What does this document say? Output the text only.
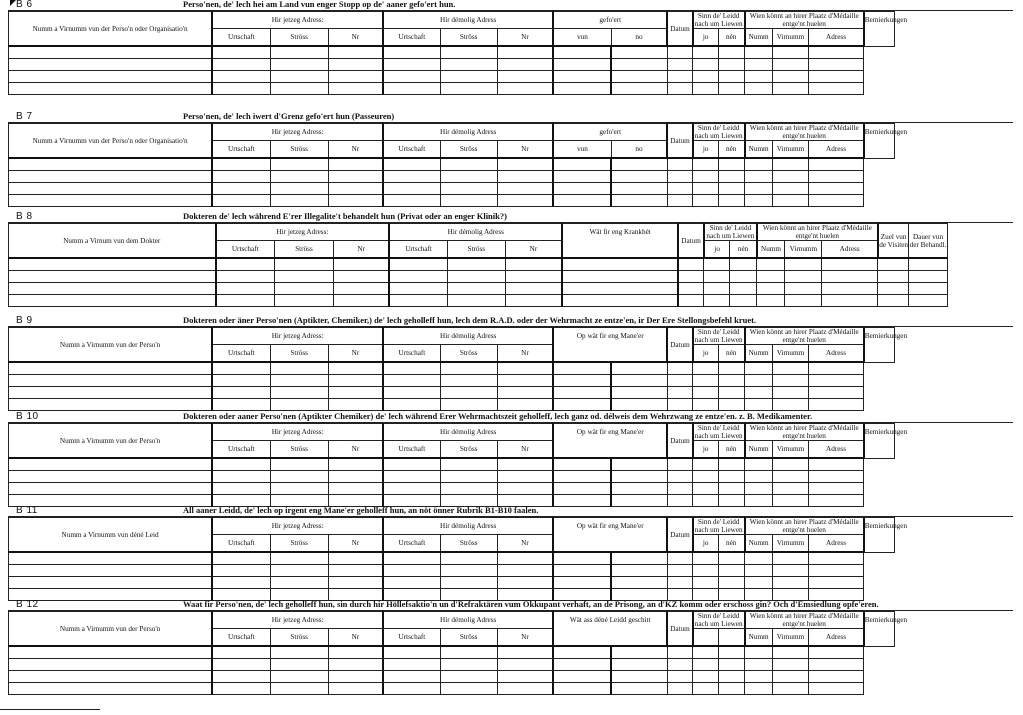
B 6	Perso'nen, de' lech hei am Land vun enger Stopp op de' aaner gefo'ert hun.
Numm a Virnumm vun der Perso'n oder Organisatio'n	Hir jetzeg Adress:			Hir démolig Adress			gefo'ert		Datum	Sinn de' Leidd nach um Liewen		Wien könnt an hirer Plaatz d'Médaille entge'nt huelen			Bemierkungen
	Urtschaft	Ströss	Nr	Urtschaft	Ströss	Nr	vun	no		jo	nén	Numm	Virnumm	Adress	

B 7	Perso'nen, de' lech iwert d'Grenz gefo'ert hun (Passeuren)
Numm a Virnumm vun der Perso'n oder Organisatio'n	Hir jetzeg Adress:			Hir démolig Adress			gefo'ert		Datum	Sinn de' Leidd nach um Liewen		Wien könnt an hirer Plaatz d'Médaille entge'nt huelen			Bemierkungen
	Urtschaft	Ströss	Nr	Urtschaft	Ströss	Nr	vun	no		jo	nén	Numm	Virnumm	Adress	

B 8	Dokteren de' lech während E'rer Illegalite't behandelt hun (Privat oder an enger Klinik?)
Numm a Virnum vun dem Dokter	Hir jetzeg Adress:			Hir démolig Adress			Wät fir eng Krankhét	Datum	Sinn de' Leidd nach um Liewen		Wien könnt an hirer Plaatz d'Médaille entge'nt huelen			Zuel vun de Visiten	Dauer vun der Behandl.
	Urtschaft	Ströss	Nr	Urtschaft	Ströss	Nr			jo	nén	Numm	Virnumm	Adress		

B 9	Dokteren oder äner Perso'nen (Aptikter, Chemiker,) de' lech geholleff hun, lech dem R.A.D. oder der Wehrmacht ze entze'en, ir Der Ere Stellongsbefehl kruet.
Numm a Virnumm vun der Perso'n	Hir jetzeg Adress:			Hir démolig Adress			Op wät fir eng Mane'er		Datum	Sinn de' Leidd nach um Liewen		Wien könnt an hirer Plaatz d'Médaille entge'nt huelen			Bemierkungen
	Urtschaft	Ströss	Nr	Urtschaft	Ströss	Nr				jo	nén	Numm	Virnumm	Adress	

B 10	Dokteren oder aaner Perso'nen (Aptikter Chemiker) de' lech während Erer Wehrmachtszeit geholleff, lech ganz od. délweis dem Wehrzwang ze entze'en. z. B. Medikamenter.
Numm a Virnumm vun der Perso'n	Hir jetzeg Adress:			Hir démolig Adress			Op wät fir eng Mane'er		Datum	Sinn de' Leidd nach um Liewen		Wien könnt an hirer Plaatz d'Médaille entge'nt huelen			Bemierkungen
	Urtschaft	Ströss	Nr	Urtschaft	Ströss	Nr				jo	nén	Numm	Virnumm	Adress	

B 11	All aaner Leidd, de' lech op irgent eng Mane'er geholleff hun, an nöt önner Rubrik B1-B10 faalen.
Numm a Virnumm vun déné Leid	Hir jetzeg Adress:			Hir démolig Adress			Op wät fir eng Mane'er		Datum	Sinn de' Leidd nach um Liewen		Wien könnt an hirer Plaatz d'Médaille entge'nt huelen			Bemierkungen
	Urtschaft	Ströss	Nr	Urtschaft	Ströss	Nr				jo	nén	Numm	Virnumm	Adress	

B 12	Waat fir Perso'nen, de' lech geholleff hun, sin durch hir Höllefsaktio'n un d'Refraktären vum Okkupant verhaft, an de Prisong, an d'KZ komm oder erschoss gin? Och d'Emsiedlung opfe'eren.
Numm a Virnumm vun der Perso'n	Hir jetzeg Adress:			Hir démolig Adress			Wät ass déné Leidd geschitt		Datum	Sinn de' Leidd nach um Liewen		Wien könnt an hirer Plaatz d'Médaille entge'nt huelen			Bemierkungen
	Urtschaft	Ströss	Nr	Urtschaft	Ströss	Nr						Numm	Virnumm	Adress	
